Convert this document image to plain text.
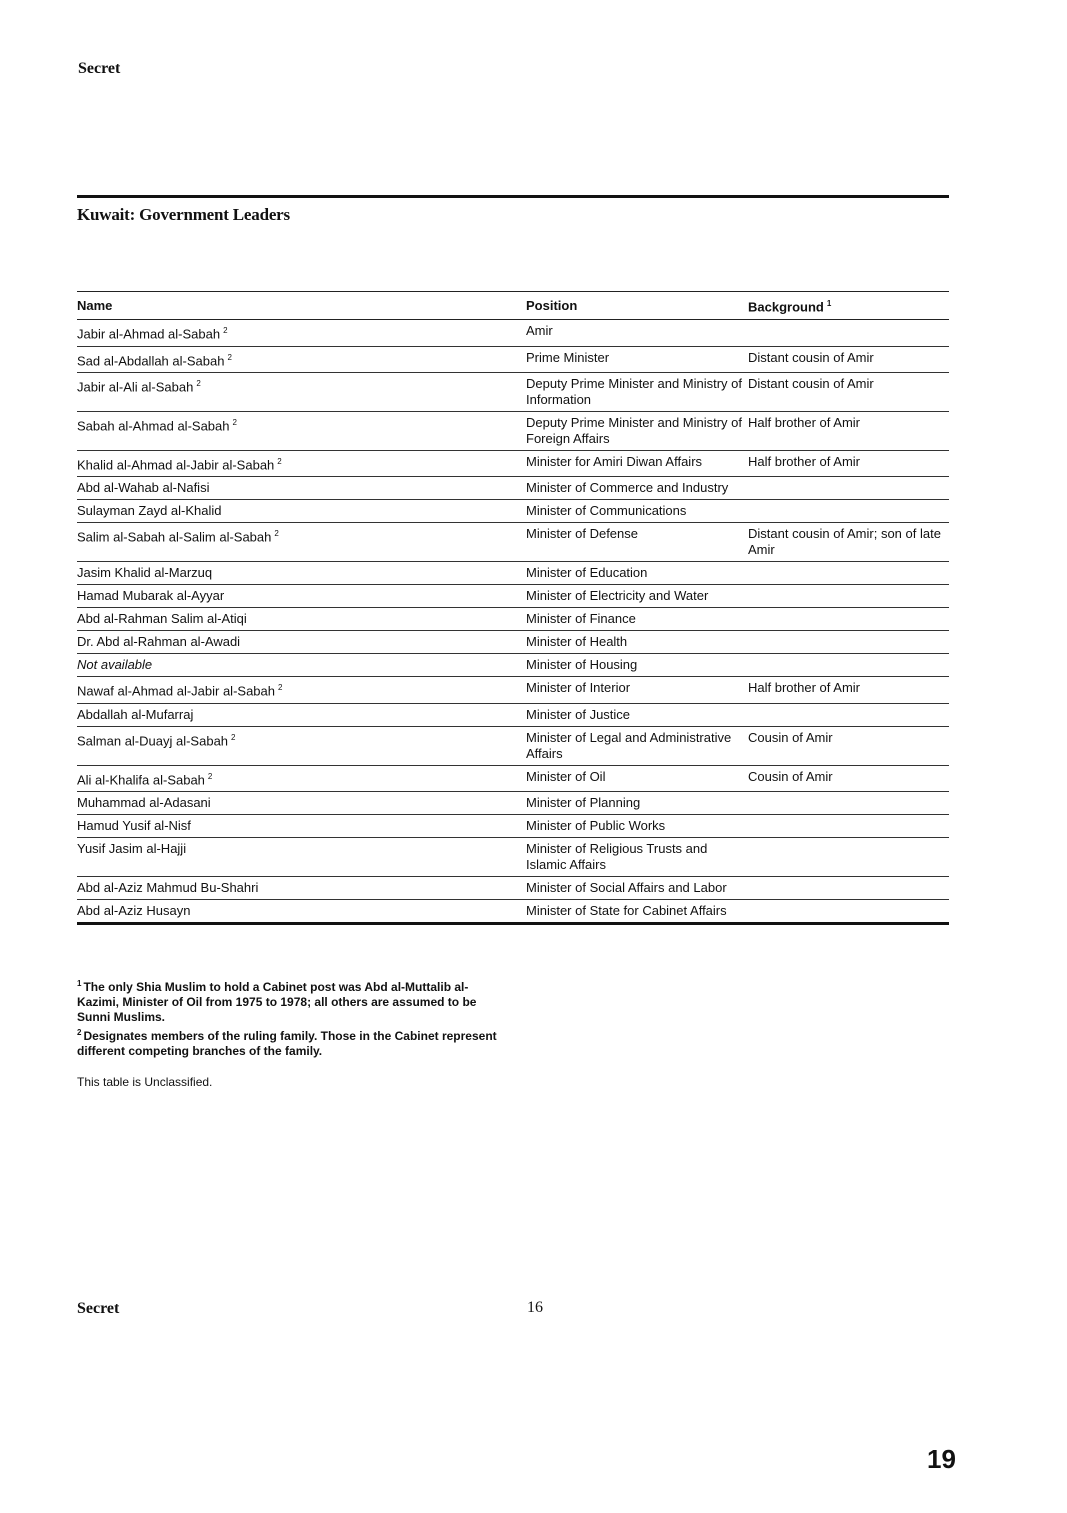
Secret
Kuwait: Government Leaders
Name	Position	Background $^1$
Jabir al-Ahmad al-Sabah $^2$	Amir	
Sad al-Abdallah al-Sabah $^2$	Prime Minister	Distant cousin of Amir
Jabir al-Ali al-Sabah $^2$	Deputy Prime Minister and Ministry of Information	Distant cousin of Amir
Sabah al-Ahmad al-Sabah $^2$	Deputy Prime Minister and Ministry of Foreign Affairs	Half brother of Amir
Khalid al-Ahmad al-Jabir al-Sabah $^2$	Minister for Amiri Diwan Affairs	Half brother of Amir
Abd al-Wahab al-Nafisi	Minister of Commerce and Industry	
Sulayman Zayd al-Khalid	Minister of Communications	
Salim al-Sabah al-Salim al-Sabah $^2$	Minister of Defense	Distant cousin of Amir; son of late Amir
Jasim Khalid al-Marzuq	Minister of Education	
Hamad Mubarak al-Ayyar	Minister of Electricity and Water	
Abd al-Rahman Salim al-Atiqi	Minister of Finance	
Dr. Abd al-Rahman al-Awadi	Minister of Health	
Not available	Minister of Housing	
Nawaf al-Ahmad al-Jabir al-Sabah $^2$	Minister of Interior	Half brother of Amir
Abdallah al-Mufarraj	Minister of Justice	
Salman al-Duayj al-Sabah $^2$	Minister of Legal and Administrative Affairs	Cousin of Amir
Ali al-Khalifa al-Sabah $^2$	Minister of Oil	Cousin of Amir
Muhammad al-Adasani	Minister of Planning	
Hamud Yusif al-Nisf	Minister of Public Works	
Yusif Jasim al-Hajji	Minister of Religious Trusts and Islamic Affairs	
Abd al-Aziz Mahmud Bu-Shahri	Minister of Social Affairs and Labor	
Abd al-Aziz Husayn	Minister of State for Cabinet Affairs	
$^1$ The only Shia Muslim to hold a Cabinet post was Abd al-Muttalib al-Kazimi, Minister of Oil from 1975 to 1978; all others are assumed to be Sunni Muslims.
$^2$ Designates members of the ruling family. Those in the Cabinet represent different competing branches of the family.
This table is Unclassified.
Secret	16
19
